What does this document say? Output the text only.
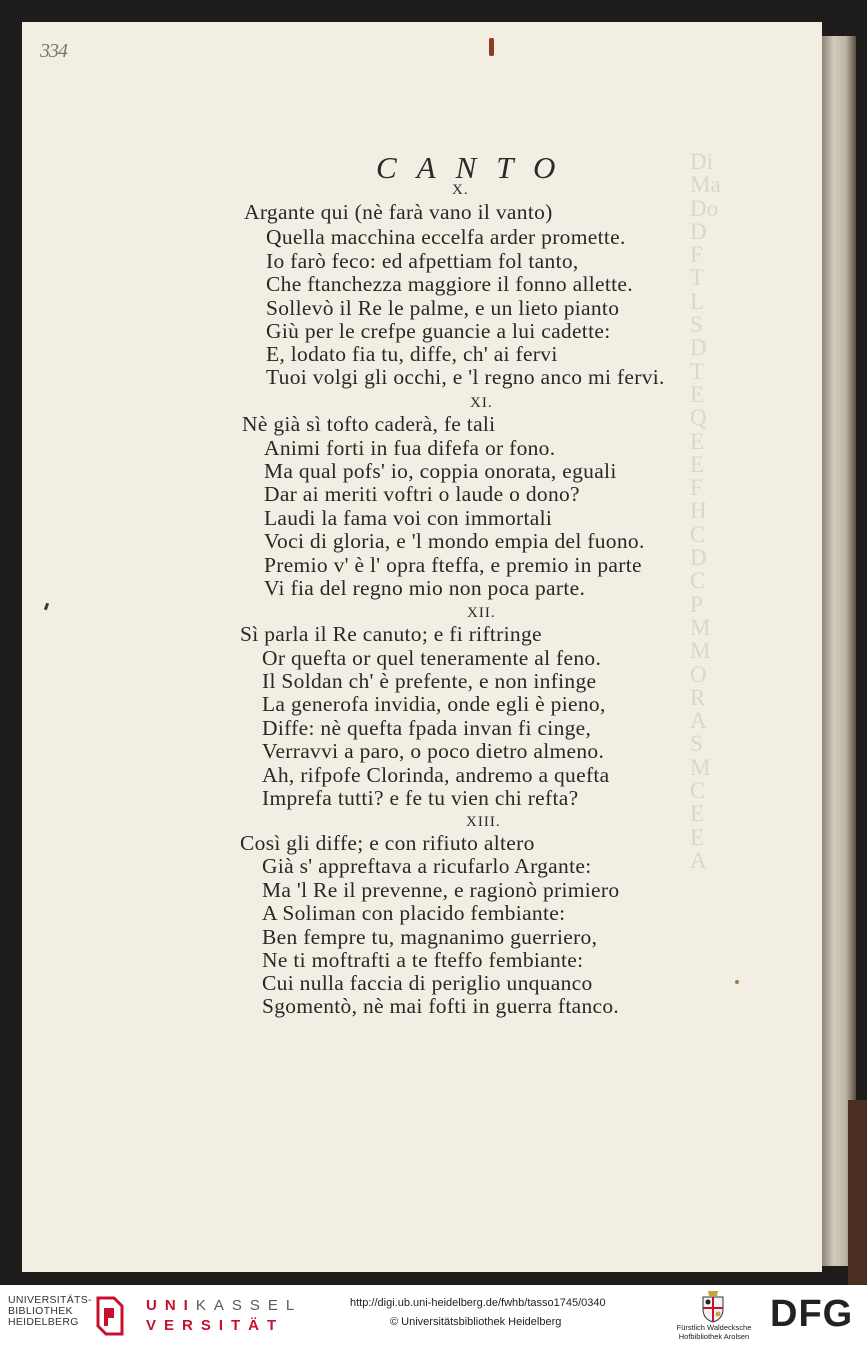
Di
Ma
Do
D
F
T
L
S
D
T
E
Q
E
E
F
H
C
D
C
P
M
M
O
R
A
S
M
C
E
E
A
334
CANTO
X.
Argante qui (nè farà vano il vanto)
Quella macchina eccelfa arder promette.
Io farò feco: ed afpettiam fol tanto,
Che ftanchezza maggiore il fonno allette.
Sollevò il Re le palme, e un lieto pianto
Giù per le crefpe guancie a lui cadette:
E, lodato fia tu, diffe, ch' ai fervi
Tuoi volgi gli occhi, e 'l regno anco mi fervi.
XI.
Nè già sì tofto caderà, fe tali
Animi forti in fua difefa or fono.
Ma qual pofs' io, coppia onorata, eguali
Dar ai meriti voftri o laude o dono?
Laudi la fama voi con immortali
Voci di gloria, e 'l mondo empia del fuono.
Premio v' è l' opra fteffa, e premio in parte
Vi fia del regno mio non poca parte.
XII.
Sì parla il Re canuto; e fi riftringe
Or quefta or quel teneramente al feno.
Il Soldan ch' è prefente, e non infinge
La generofa invidia, onde egli è pieno,
Diffe: nè quefta fpada invan fi cinge,
Verravvi a paro, o poco dietro almeno.
Ah, rifpofe Clorinda, andremo a quefta
Imprefa tutti? e fe tu vien chi refta?
XIII.
Così gli diffe; e con rifiuto altero
Già s' appreftava a ricufarlo Argante:
Ma 'l Re il prevenne, e ragionò primiero
A Soliman con placido fembiante:
Ben fempre tu, magnanimo guerriero,
Ne ti moftrafti a te fteffo fembiante:
Cui nulla faccia di periglio unquanco
Sgomentò, nè mai fofti in guerra ftanco.
UNIVERSITÄTS-
BIBLIOTHEK
HEIDELBERG
UNIKASSEL
VERSITÄT
http://digi.ub.uni-heidelberg.de/fwhb/tasso1745/0340
© Universitätsbibliothek Heidelberg	Fürstlich Waldecksche
Hofbibliothek Arolsen
DFG
